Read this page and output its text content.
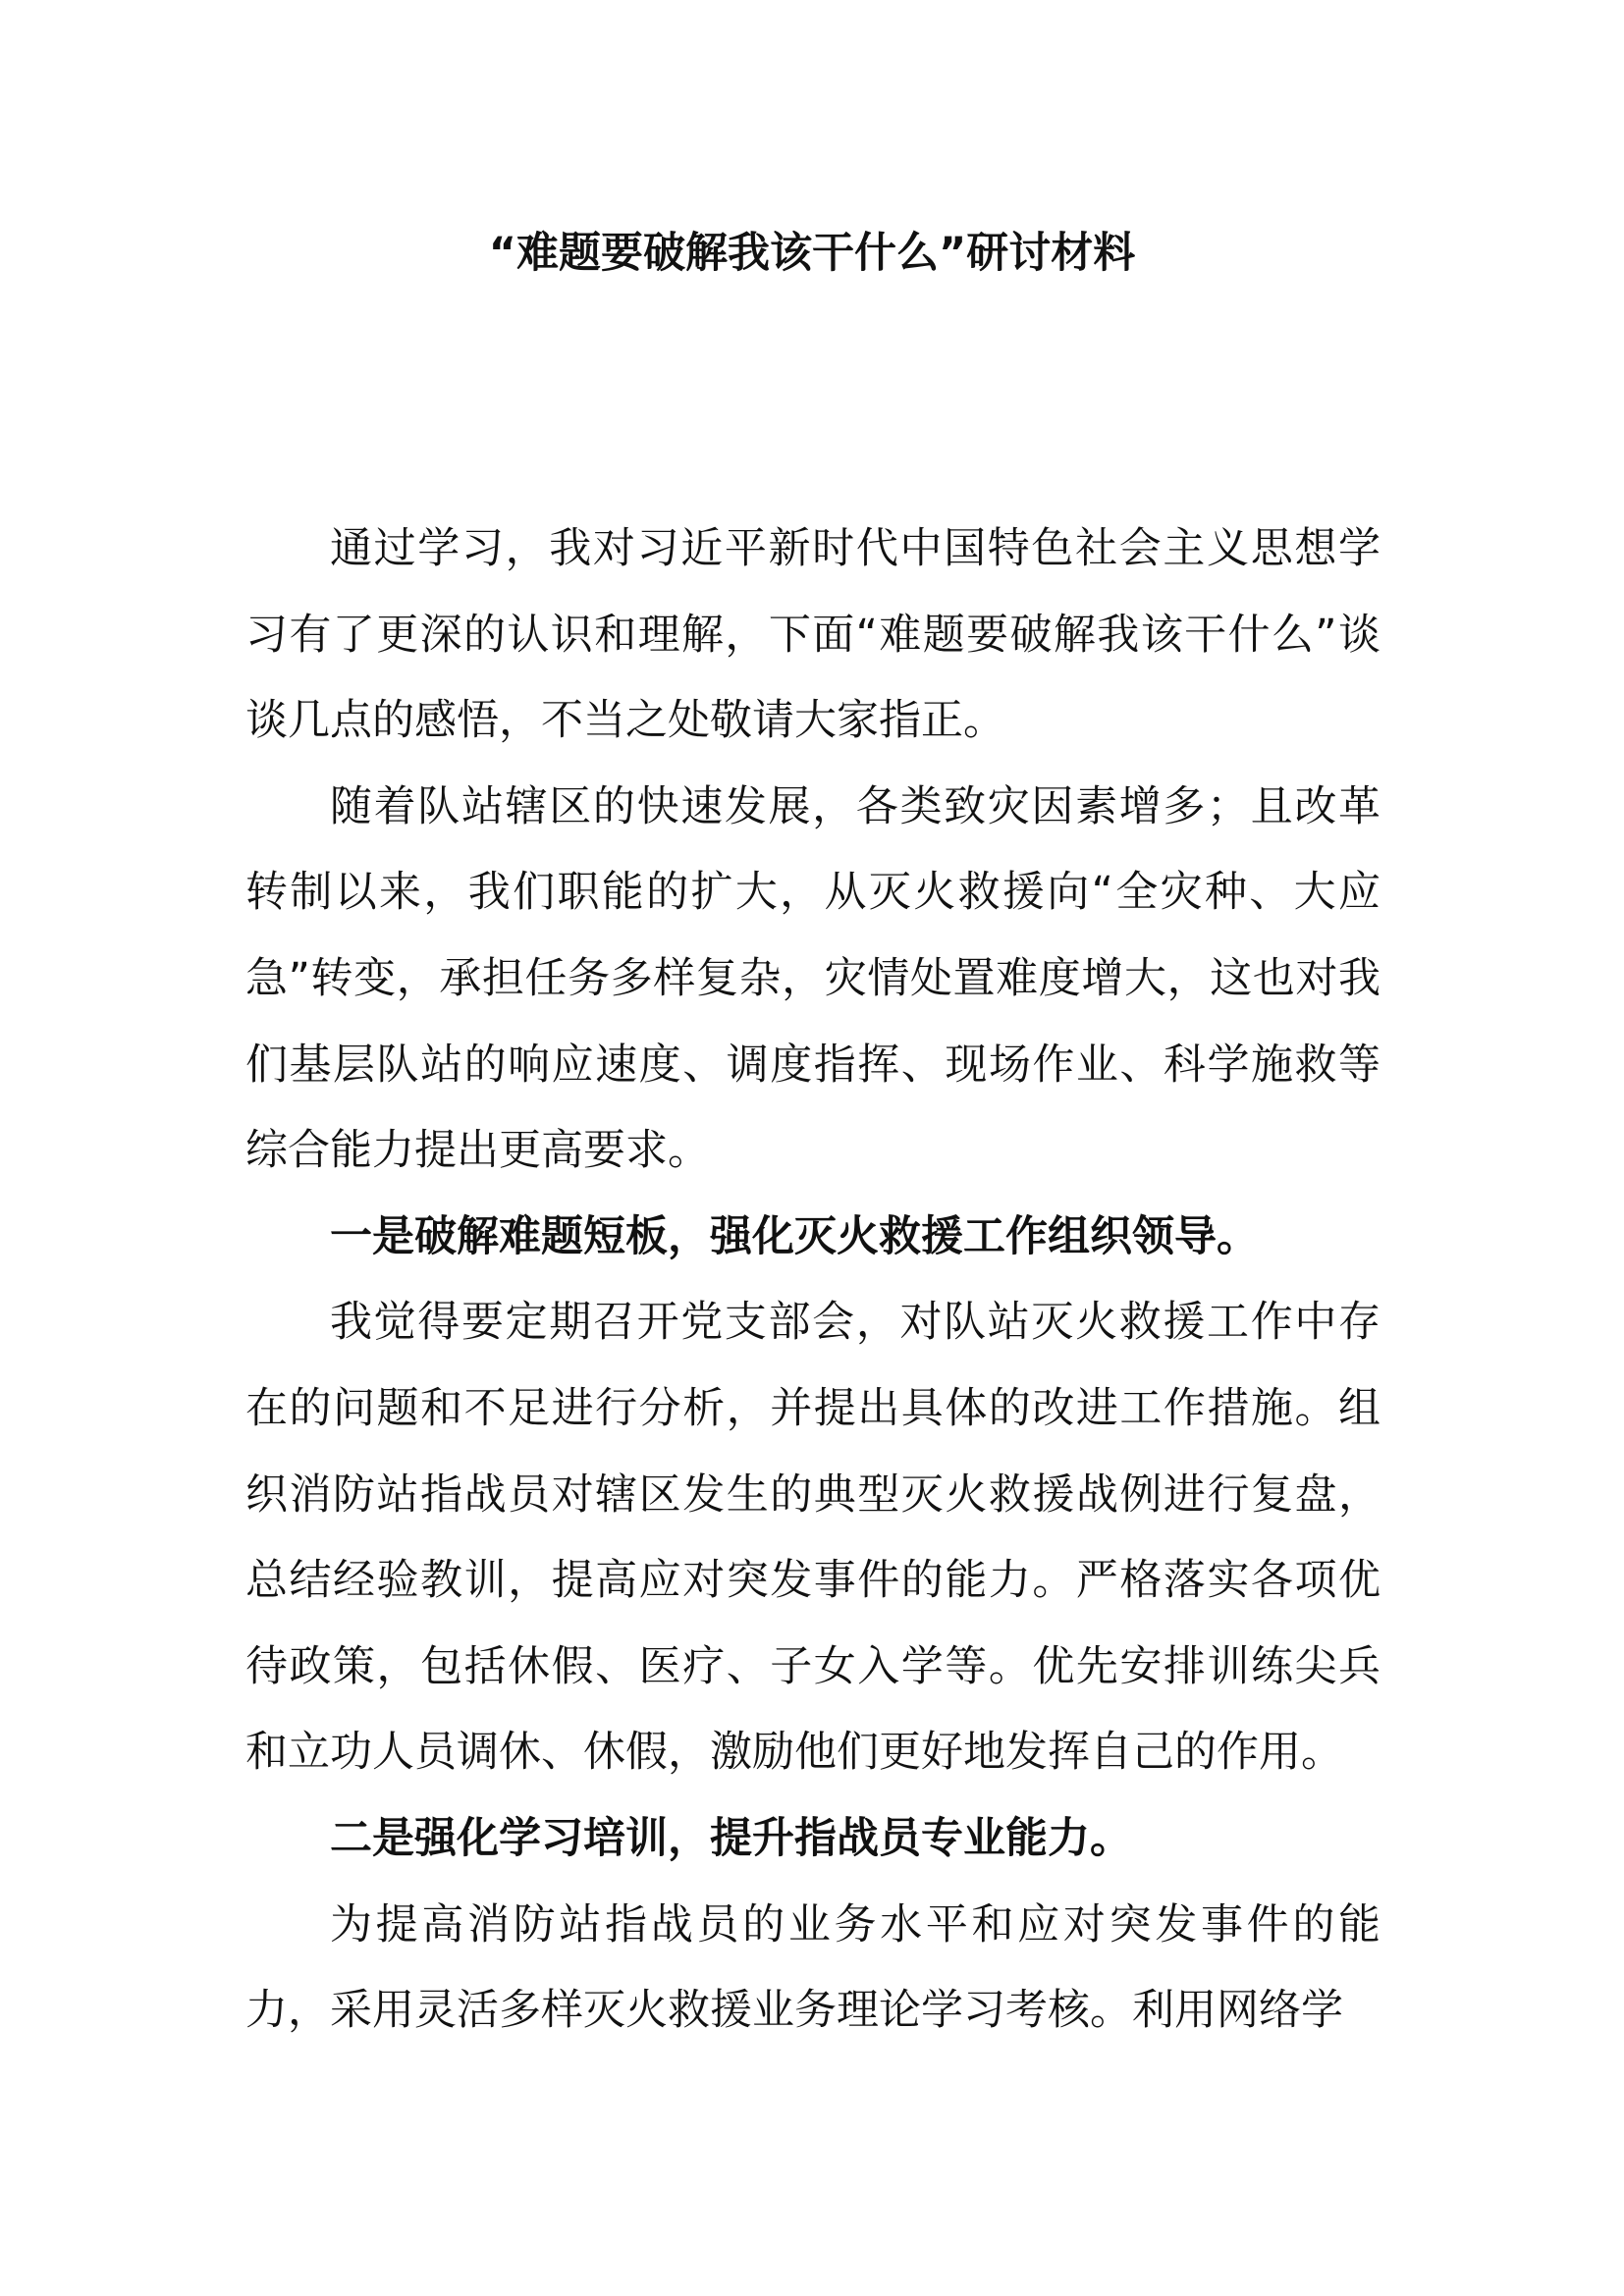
“难题要破解我该干什么”研讨材料

通过学习，我对习近平新时代中国特色社会主义思想学习有了更深的认识和理解，下面“难题要破解我该干什么”谈谈几点的感悟，不当之处敬请大家指正。

随着队站辖区的快速发展，各类致灾因素增多；且改革转制以来，我们职能的扩大，从灭火救援向“全灾种、大应急”转变，承担任务多样复杂，灾情处置难度增大，这也对我们基层队站的响应速度、调度指挥、现场作业、科学施救等综合能力提出更高要求。

一是破解难题短板，强化灭火救援工作组织领导。

我觉得要定期召开党支部会，对队站灭火救援工作中存在的问题和不足进行分析，并提出具体的改进工作措施。组织消防站指战员对辖区发生的典型灭火救援战例进行复盘，总结经验教训，提高应对突发事件的能力。严格落实各项优待政策，包括休假、医疗、子女入学等。优先安排训练尖兵和立功人员调休、休假，激励他们更好地发挥自己的作用。

二是强化学习培训，提升指战员专业能力。

为提高消防站指战员的业务水平和应对突发事件的能力，采用灵活多样灭火救援业务理论学习考核。利用网络学
